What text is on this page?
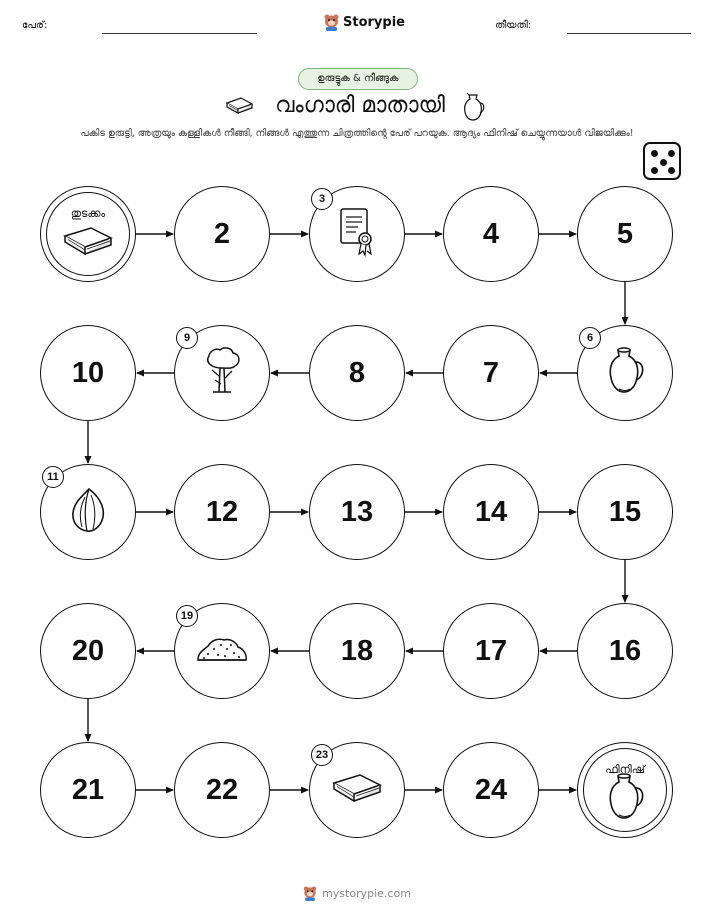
പേര്:	Storypie	തീയതി:
ഉരുട്ടുക & നീങ്ങുക
വംഗാരി മാതായി
പകിട ഉരുട്ടി, അത്രയും കള്ളികൾ നീങ്ങി, നിങ്ങൾ എത്തുന്ന ചിത്രത്തിന്റെ പേര് പറയുക. ആദ്യം ഫിനിഷ് ചെയ്യുന്നയാൾ വിജയിക്കും!
തുടക്കം
2
3
4	5
6
7
8
9
10
11
12	13	14	15
16
17
18
19
20
21	22
23
24
ഫിനിഷ്
mystorypie.com
